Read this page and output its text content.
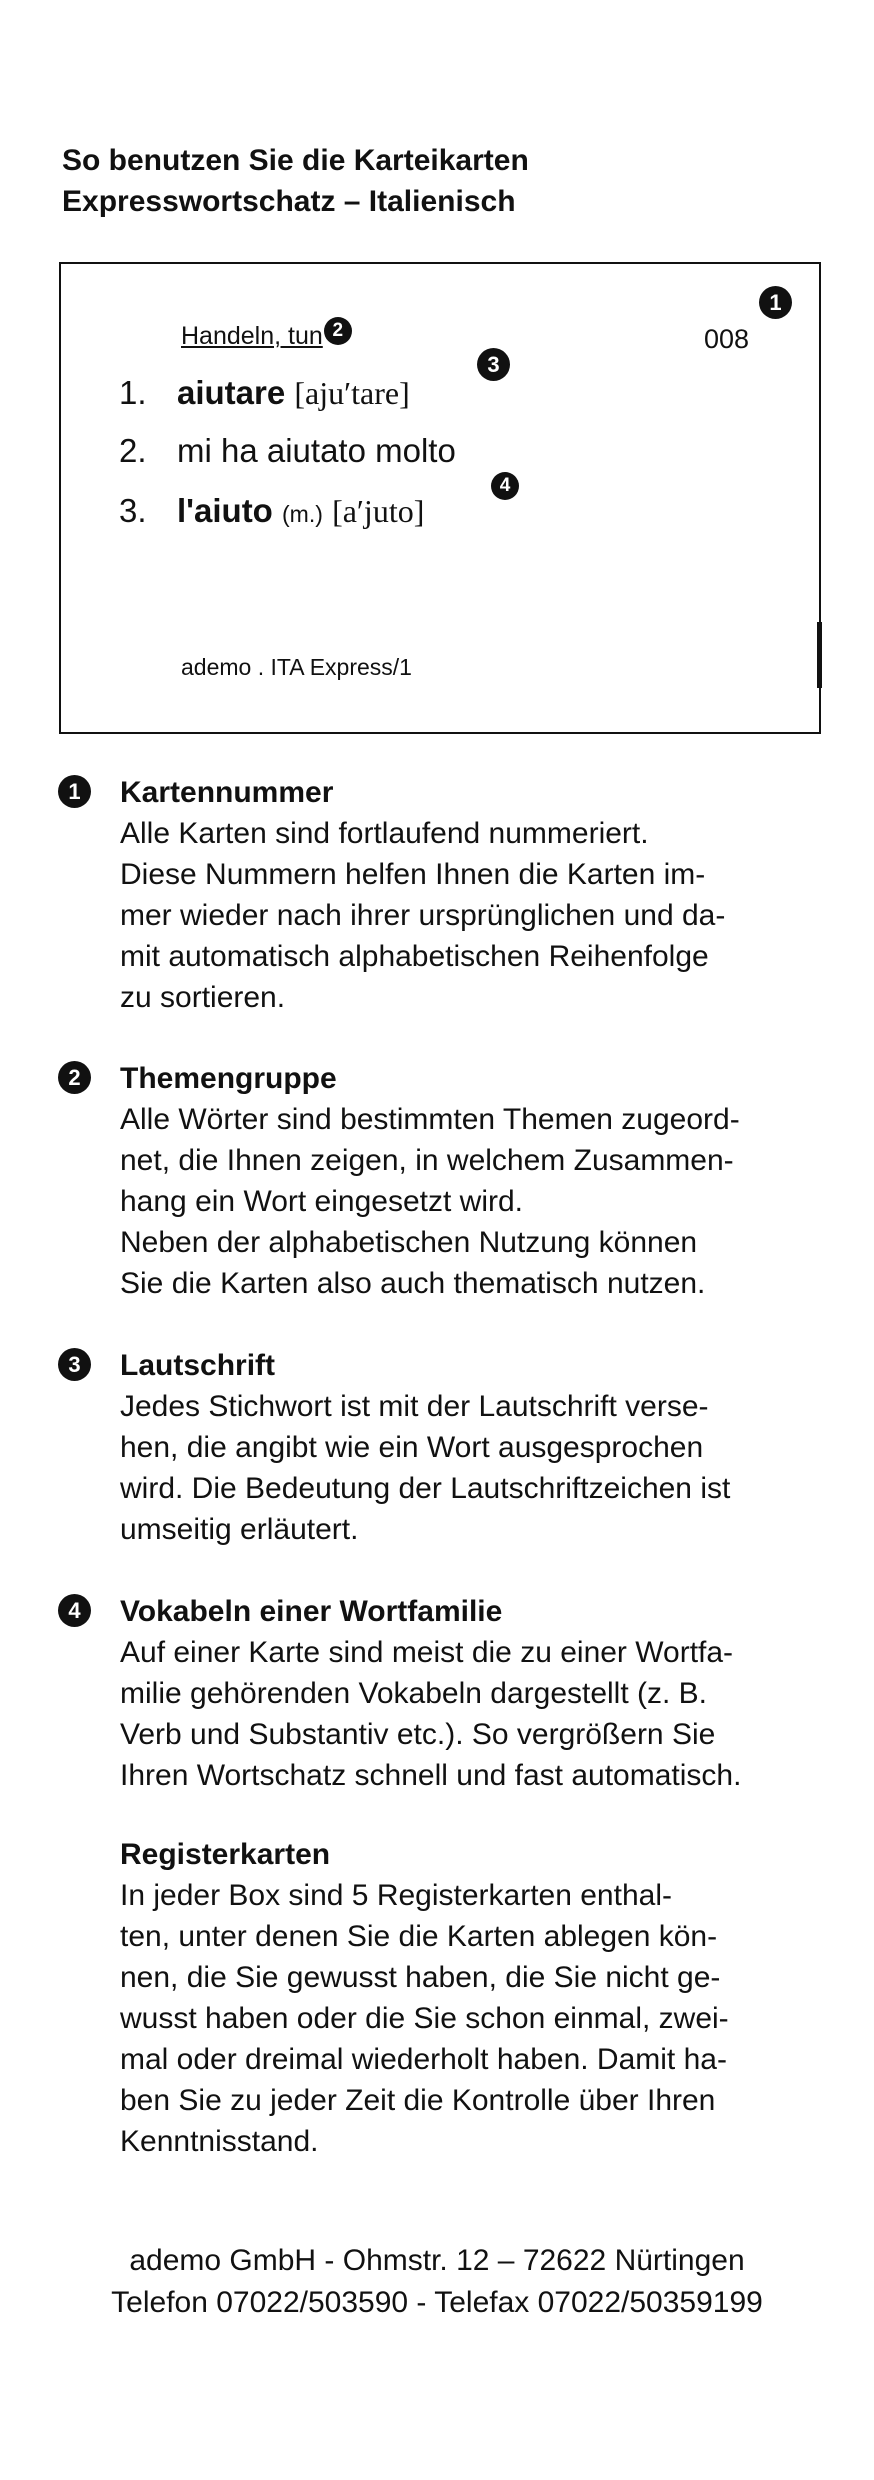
So benutzen Sie die Karteikarten
Expresswortschatz – Italienisch
Handeln, tun 2	008
1
1. aiutare [ajuʹtare]
3
2. mi ha aiutato molto
3. l'aiuto (m.) [aʹjuto]
4
ademo . ITA Express/1
1	Kartennummer
Alle Karten sind fortlaufend nummeriert.
Diese Nummern helfen Ihnen die Karten im-
mer wieder nach ihrer ursprünglichen und da-
mit automatisch alphabetischen Reihenfolge
zu sortieren.
2	Themengruppe
Alle Wörter sind bestimmten Themen zugeord-
net, die Ihnen zeigen, in welchem Zusammen-
hang ein Wort eingesetzt wird.
Neben der alphabetischen Nutzung können
Sie die Karten also auch thematisch nutzen.
3	Lautschrift
Jedes Stichwort ist mit der Lautschrift verse-
hen, die angibt wie ein Wort ausgesprochen
wird. Die Bedeutung der Lautschriftzeichen ist
umseitig erläutert.
4	Vokabeln einer Wortfamilie
Auf einer Karte sind meist die zu einer Wortfa-
milie gehörenden Vokabeln dargestellt (z. B.
Verb und Substantiv etc.). So vergrößern Sie
Ihren Wortschatz schnell und fast automatisch.
Registerkarten
In jeder Box sind 5 Registerkarten enthal-
ten, unter denen Sie die Karten ablegen kön-
nen, die Sie gewusst haben, die Sie nicht ge-
wusst haben oder die Sie schon einmal, zwei-
mal oder dreimal wiederholt haben. Damit ha-
ben Sie zu jeder Zeit die Kontrolle über Ihren
Kenntnisstand.
ademo GmbH - Ohmstr. 12 – 72622 Nürtingen
Telefon 07022/503590 - Telefax 07022/50359199
